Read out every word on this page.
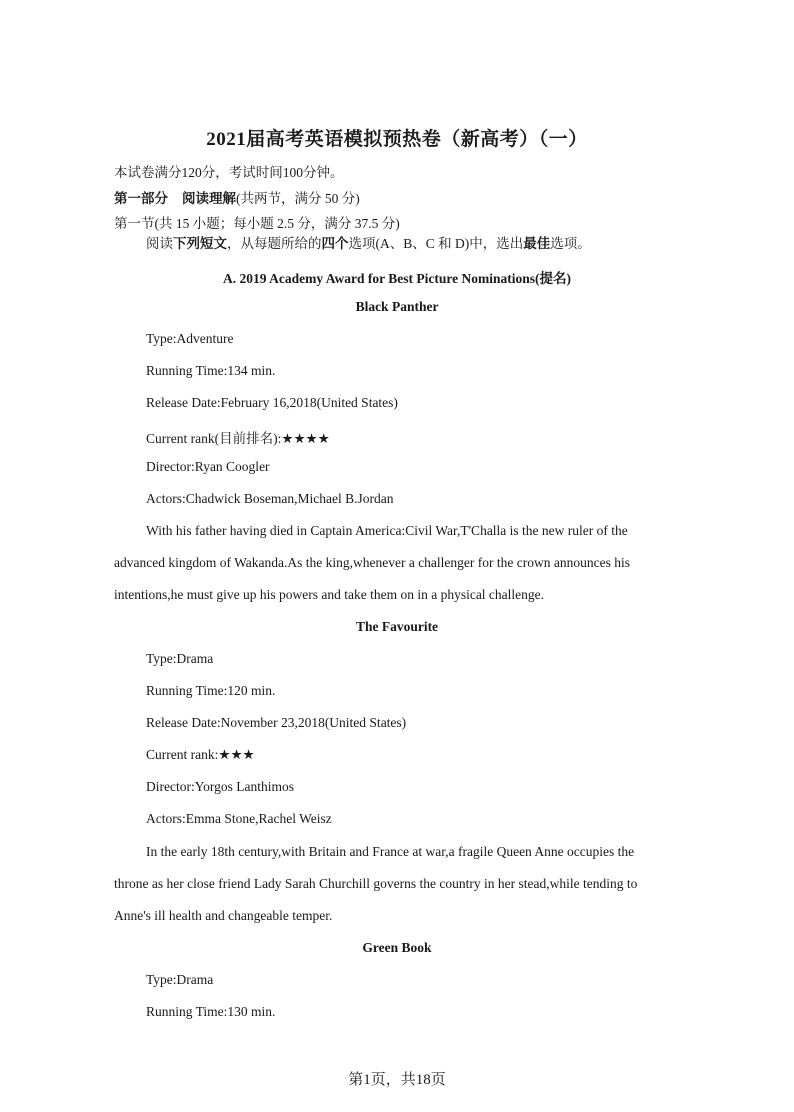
2021届高考英语模拟预热卷（新高考）（一）
本试卷满分120分，考试时间100分钟。
第一部分 阅读理解(共两节，满分 50 分)
第一节(共 15 小题；每小题 2.5 分，满分 37.5 分)
阅读下列短文，从每题所给的四个选项(A、B、C 和 D)中，选出最佳选项。
A. 2019 Academy Award for Best Picture Nominations(提名)
Black Panther
Type:Adventure
Running Time:134 min.
Release Date:February 16,2018(United States)
Current rank(目前排名):★★★★
Director:Ryan Coogler
Actors:Chadwick Boseman,Michael B.Jordan
With his father having died in Captain America:Civil War,T'Challa is the new ruler of the
advanced kingdom of Wakanda.As the king,whenever a challenger for the crown announces his
intentions,he must give up his powers and take them on in a physical challenge.
The Favourite
Type:Drama
Running Time:120 min.
Release Date:November 23,2018(United States)
Current rank:★★★
Director:Yorgos Lanthimos
Actors:Emma Stone,Rachel Weisz
In the early 18th century,with Britain and France at war,a fragile Queen Anne occupies the
throne as her close friend Lady Sarah Churchill governs the country in her stead,while tending to
Anne's ill health and changeable temper.
Green Book
Type:Drama
Running Time:130 min.
第1页，共18页
